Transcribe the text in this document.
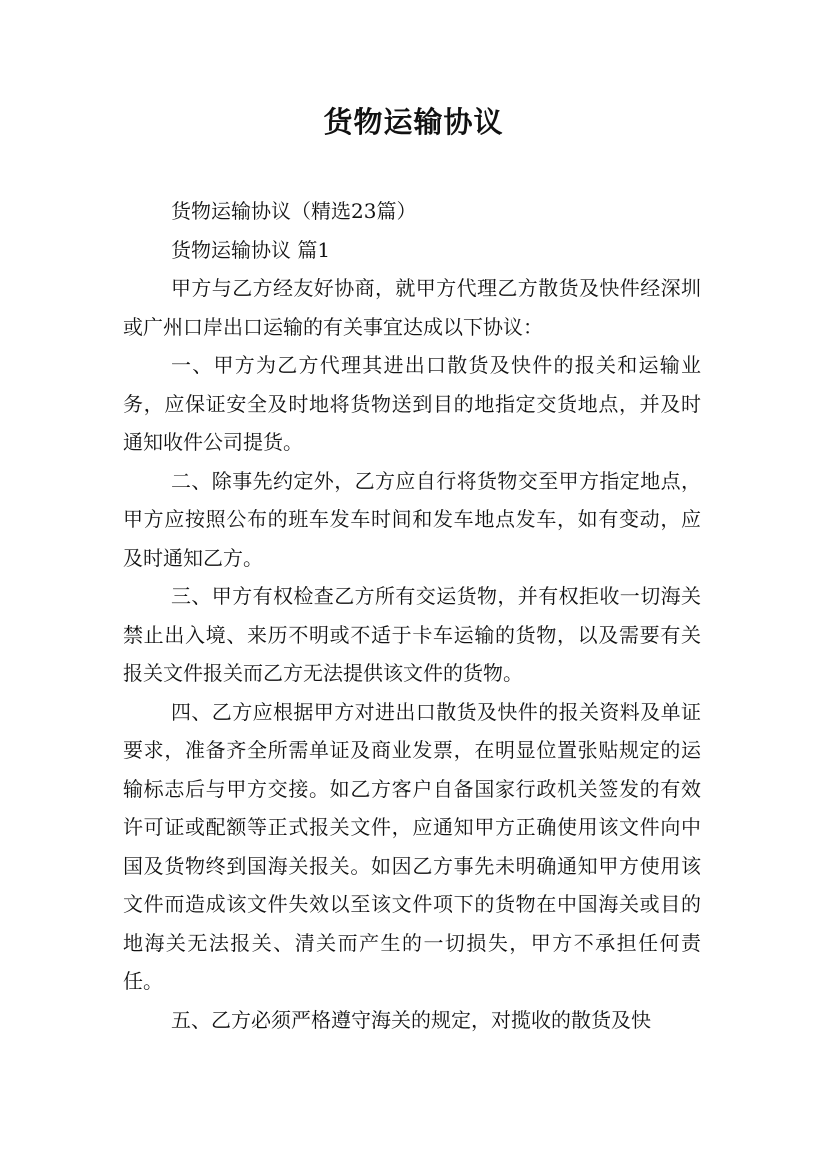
货物运输协议
货物运输协议（精选23篇）
货物运输协议 篇1

甲方与乙方经友好协商，就甲方代理乙方散货及快件经深圳或广州口岸出口运输的有关事宜达成以下协议：

一、甲方为乙方代理其进出口散货及快件的报关和运输业务，应保证安全及时地将货物送到目的地指定交货地点，并及时通知收件公司提货。

二、除事先约定外，乙方应自行将货物交至甲方指定地点，甲方应按照公布的班车发车时间和发车地点发车，如有变动，应及时通知乙方。

三、甲方有权检查乙方所有交运货物，并有权拒收一切海关禁止出入境、来历不明或不适于卡车运输的货物，以及需要有关报关文件报关而乙方无法提供该文件的货物。

四、乙方应根据甲方对进出口散货及快件的报关资料及单证要求，准备齐全所需单证及商业发票，在明显位置张贴规定的运输标志后与甲方交接。如乙方客户自备国家行政机关签发的有效许可证或配额等正式报关文件，应通知甲方正确使用该文件向中国及货物终到国海关报关。如因乙方事先未明确通知甲方使用该文件而造成该文件失效以至该文件项下的货物在中国海关或目的地海关无法报关、清关而产生的一切损失，甲方不承担任何责任。

五、乙方必须严格遵守海关的规定，对揽收的散货及快
